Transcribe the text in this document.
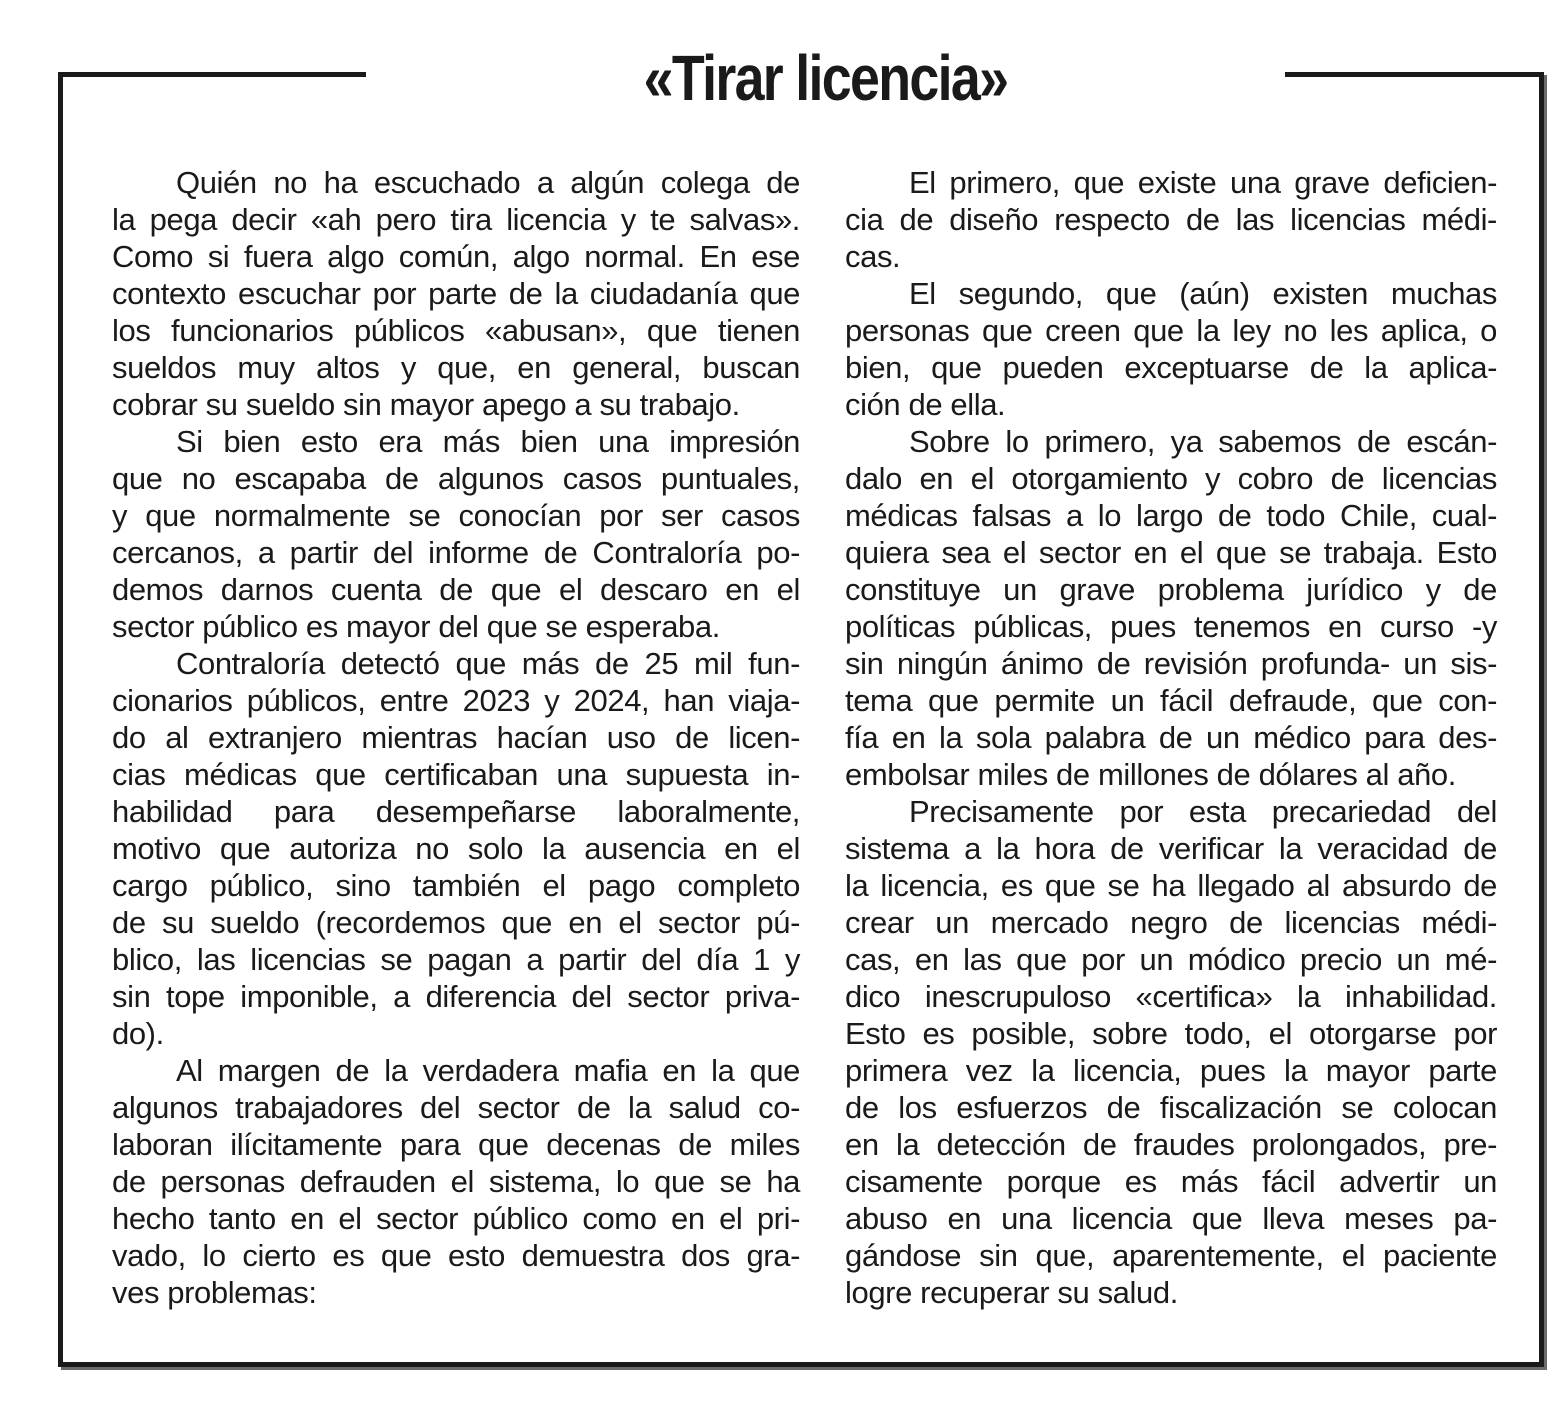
«Tirar licencia»
Quién no ha escuchado a algún colega de
la pega decir «ah pero tira licencia y te salvas».
Como si fuera algo común, algo normal. En ese
contexto escuchar por parte de la ciudadanía que
los funcionarios públicos «abusan», que tienen
sueldos muy altos y que, en general, buscan
cobrar su sueldo sin mayor apego a su trabajo.
Si bien esto era más bien una impresión
que no escapaba de algunos casos puntuales,
y que normalmente se conocían por ser casos
cercanos, a partir del informe de Contraloría po-
demos darnos cuenta de que el descaro en el
sector público es mayor del que se esperaba.
Contraloría detectó que más de 25 mil fun-
cionarios públicos, entre 2023 y 2024, han viaja-
do al extranjero mientras hacían uso de licen-
cias médicas que certificaban una supuesta in-
habilidad para desempeñarse laboralmente,
motivo que autoriza no solo la ausencia en el
cargo público, sino también el pago completo
de su sueldo (recordemos que en el sector pú-
blico, las licencias se pagan a partir del día 1 y
sin tope imponible, a diferencia del sector priva-
do).
Al margen de la verdadera mafia en la que
algunos trabajadores del sector de la salud co-
laboran ilícitamente para que decenas de miles
de personas defrauden el sistema, lo que se ha
hecho tanto en el sector público como en el pri-
vado, lo cierto es que esto demuestra dos gra-
ves problemas:
El primero, que existe una grave deficien-
cia de diseño respecto de las licencias médi-
cas.
El segundo, que (aún) existen muchas
personas que creen que la ley no les aplica, o
bien, que pueden exceptuarse de la aplica-
ción de ella.
Sobre lo primero, ya sabemos de escán-
dalo en el otorgamiento y cobro de licencias
médicas falsas a lo largo de todo Chile, cual-
quiera sea el sector en el que se trabaja. Esto
constituye un grave problema jurídico y de
políticas públicas, pues tenemos en curso -y
sin ningún ánimo de revisión profunda- un sis-
tema que permite un fácil defraude, que con-
fía en la sola palabra de un médico para des-
embolsar miles de millones de dólares al año.
Precisamente por esta precariedad del
sistema a la hora de verificar la veracidad de
la licencia, es que se ha llegado al absurdo de
crear un mercado negro de licencias médi-
cas, en las que por un módico precio un mé-
dico inescrupuloso «certifica» la inhabilidad.
Esto es posible, sobre todo, el otorgarse por
primera vez la licencia, pues la mayor parte
de los esfuerzos de fiscalización se colocan
en la detección de fraudes prolongados, pre-
cisamente porque es más fácil advertir un
abuso en una licencia que lleva meses pa-
gándose sin que, aparentemente, el paciente
logre recuperar su salud.
